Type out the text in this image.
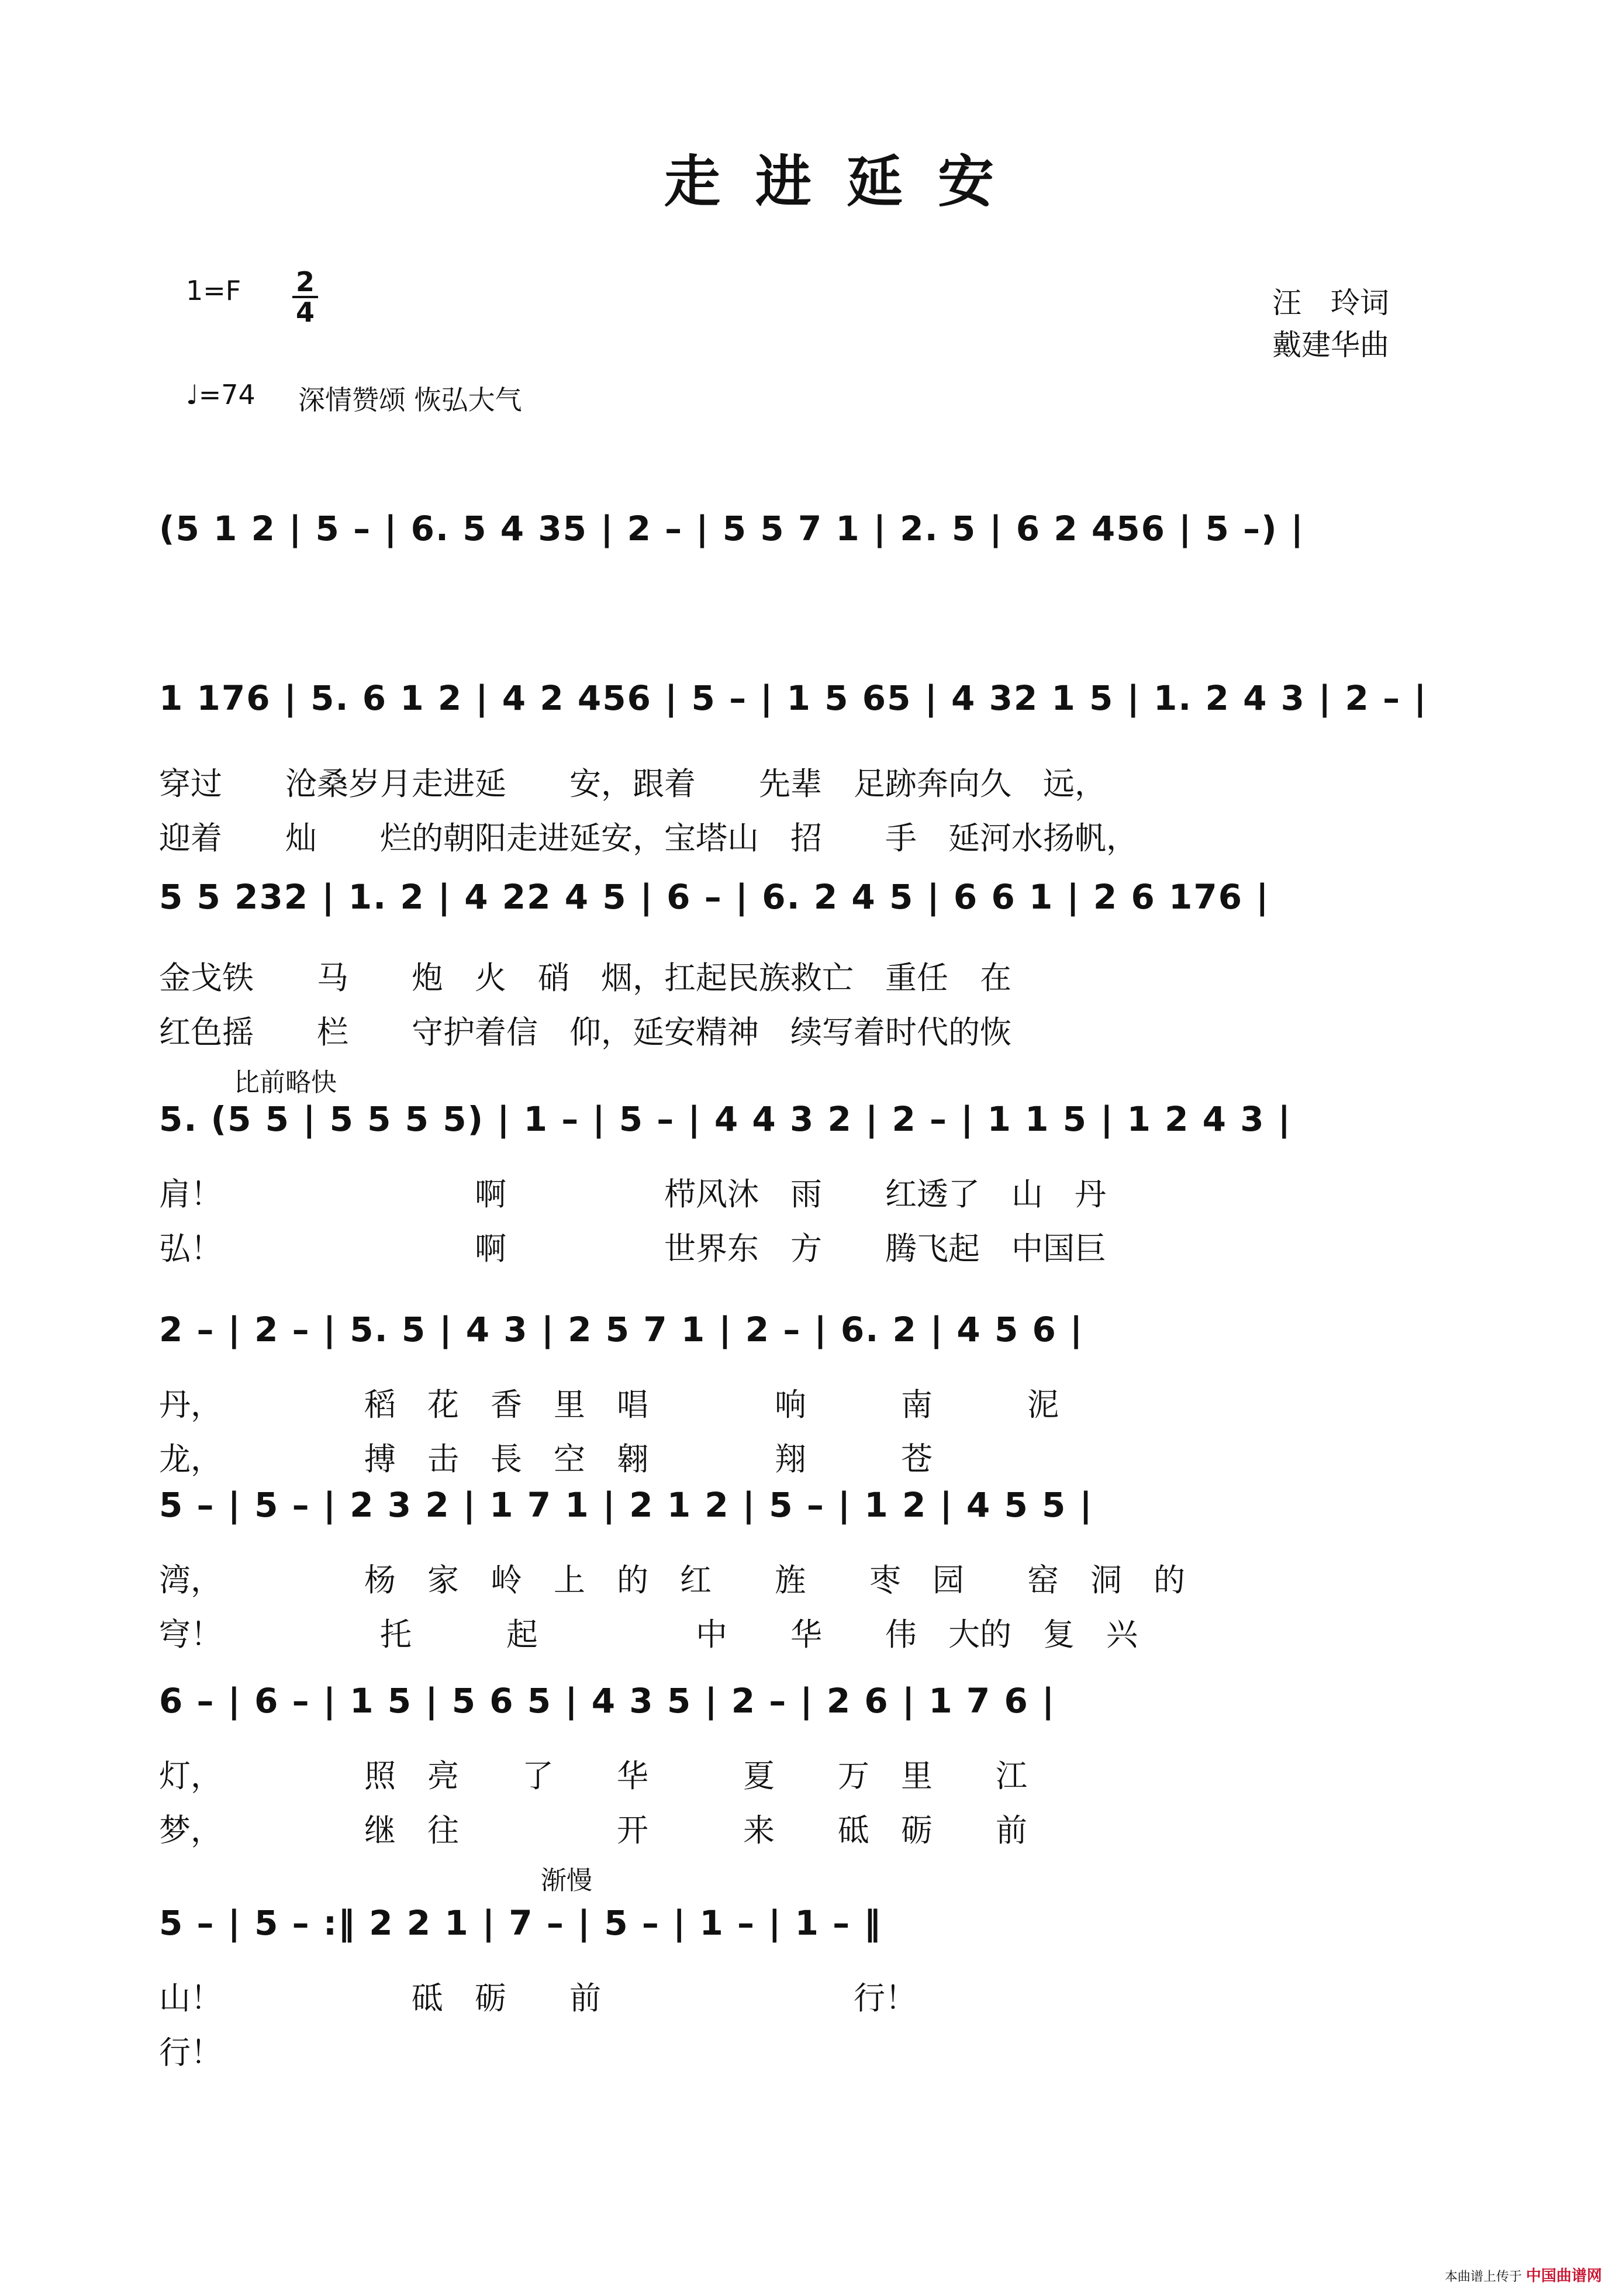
走进延安
1=F 2
4	汪　玲词
戴建华曲
♩=74 深情赞颂 恢弘大气
(5 1 2 | 5 – | 6. 5 4 35 | 2 – | 5 5 7 1 | 2. 5 | 6 2 456 | 5 –) |
1 176 | 5. 6 1 2 | 4 2 456 | 5 – | 1 5 65 | 4 32 1 5 | 1. 2 4 3 | 2 – |
穿过　　沧桑岁月走进延　　安，跟着　　先辈　足跡奔向久　远，
迎着　　灿　　烂的朝阳走进延安，宝塔山　招　　手　延河水扬帆，
5 5 232 | 1. 2 | 4 22 4 5 | 6 – | 6. 2 4 5 | 6 6 1 | 2 6 176 |
金戈铁　　马　　炮　火　硝　烟，扛起民族救亡　重任　在
红色摇　　栏　　守护着信　仰，延安精神　续写着时代的恢
比前略快
5. (5 5 | 5 5 5 5) | 1 – | 5 – | 4 4 3 2 | 2 – | 1 1 5 | 1 2 4 3 |
肩！　　　　　　　　啊　　　　　栉风沐　雨　　红透了　山　丹
弘！　　　　　　　　啊　　　　　世界东　方　　腾飞起　中国巨
2 – | 2 – | 5. 5 | 4 3 | 2 5 7 1 | 2 – | 6. 2 | 4 5 6 |
丹，　　　　　稻　花　香　里　唱　　　　响　　　南　　　泥
龙，　　　　　搏　击　長　空　翱　　　　翔　　　苍
5 – | 5 – | 2 3 2 | 1 7 1 | 2 1 2 | 5 – | 1 2 | 4 5 5 |
湾，　　　　　杨　家　岭　上　的　红　　旌　　枣　园　　窑　洞　的
穹！　　　　　托　　　起　　　　　中　　华　　伟　大的　复　兴
6 – | 6 – | 1 5 | 5 6 5 | 4 3 5 | 2 – | 2 6 | 1 7 6 |
灯，　　　　　照　亮　　了　　华　　　夏　　万　里　　江
梦，　　　　　继　往　　　　　开　　　来　　砥　砺　　前
渐慢
5 – | 5 – :‖ 2 2 1 | 7 – | 5 – | 1 – | 1 – ‖
山！　　　　　　砥　砺　　前　　　　　　　　行！
行！
本曲谱上传于 中国曲谱网
